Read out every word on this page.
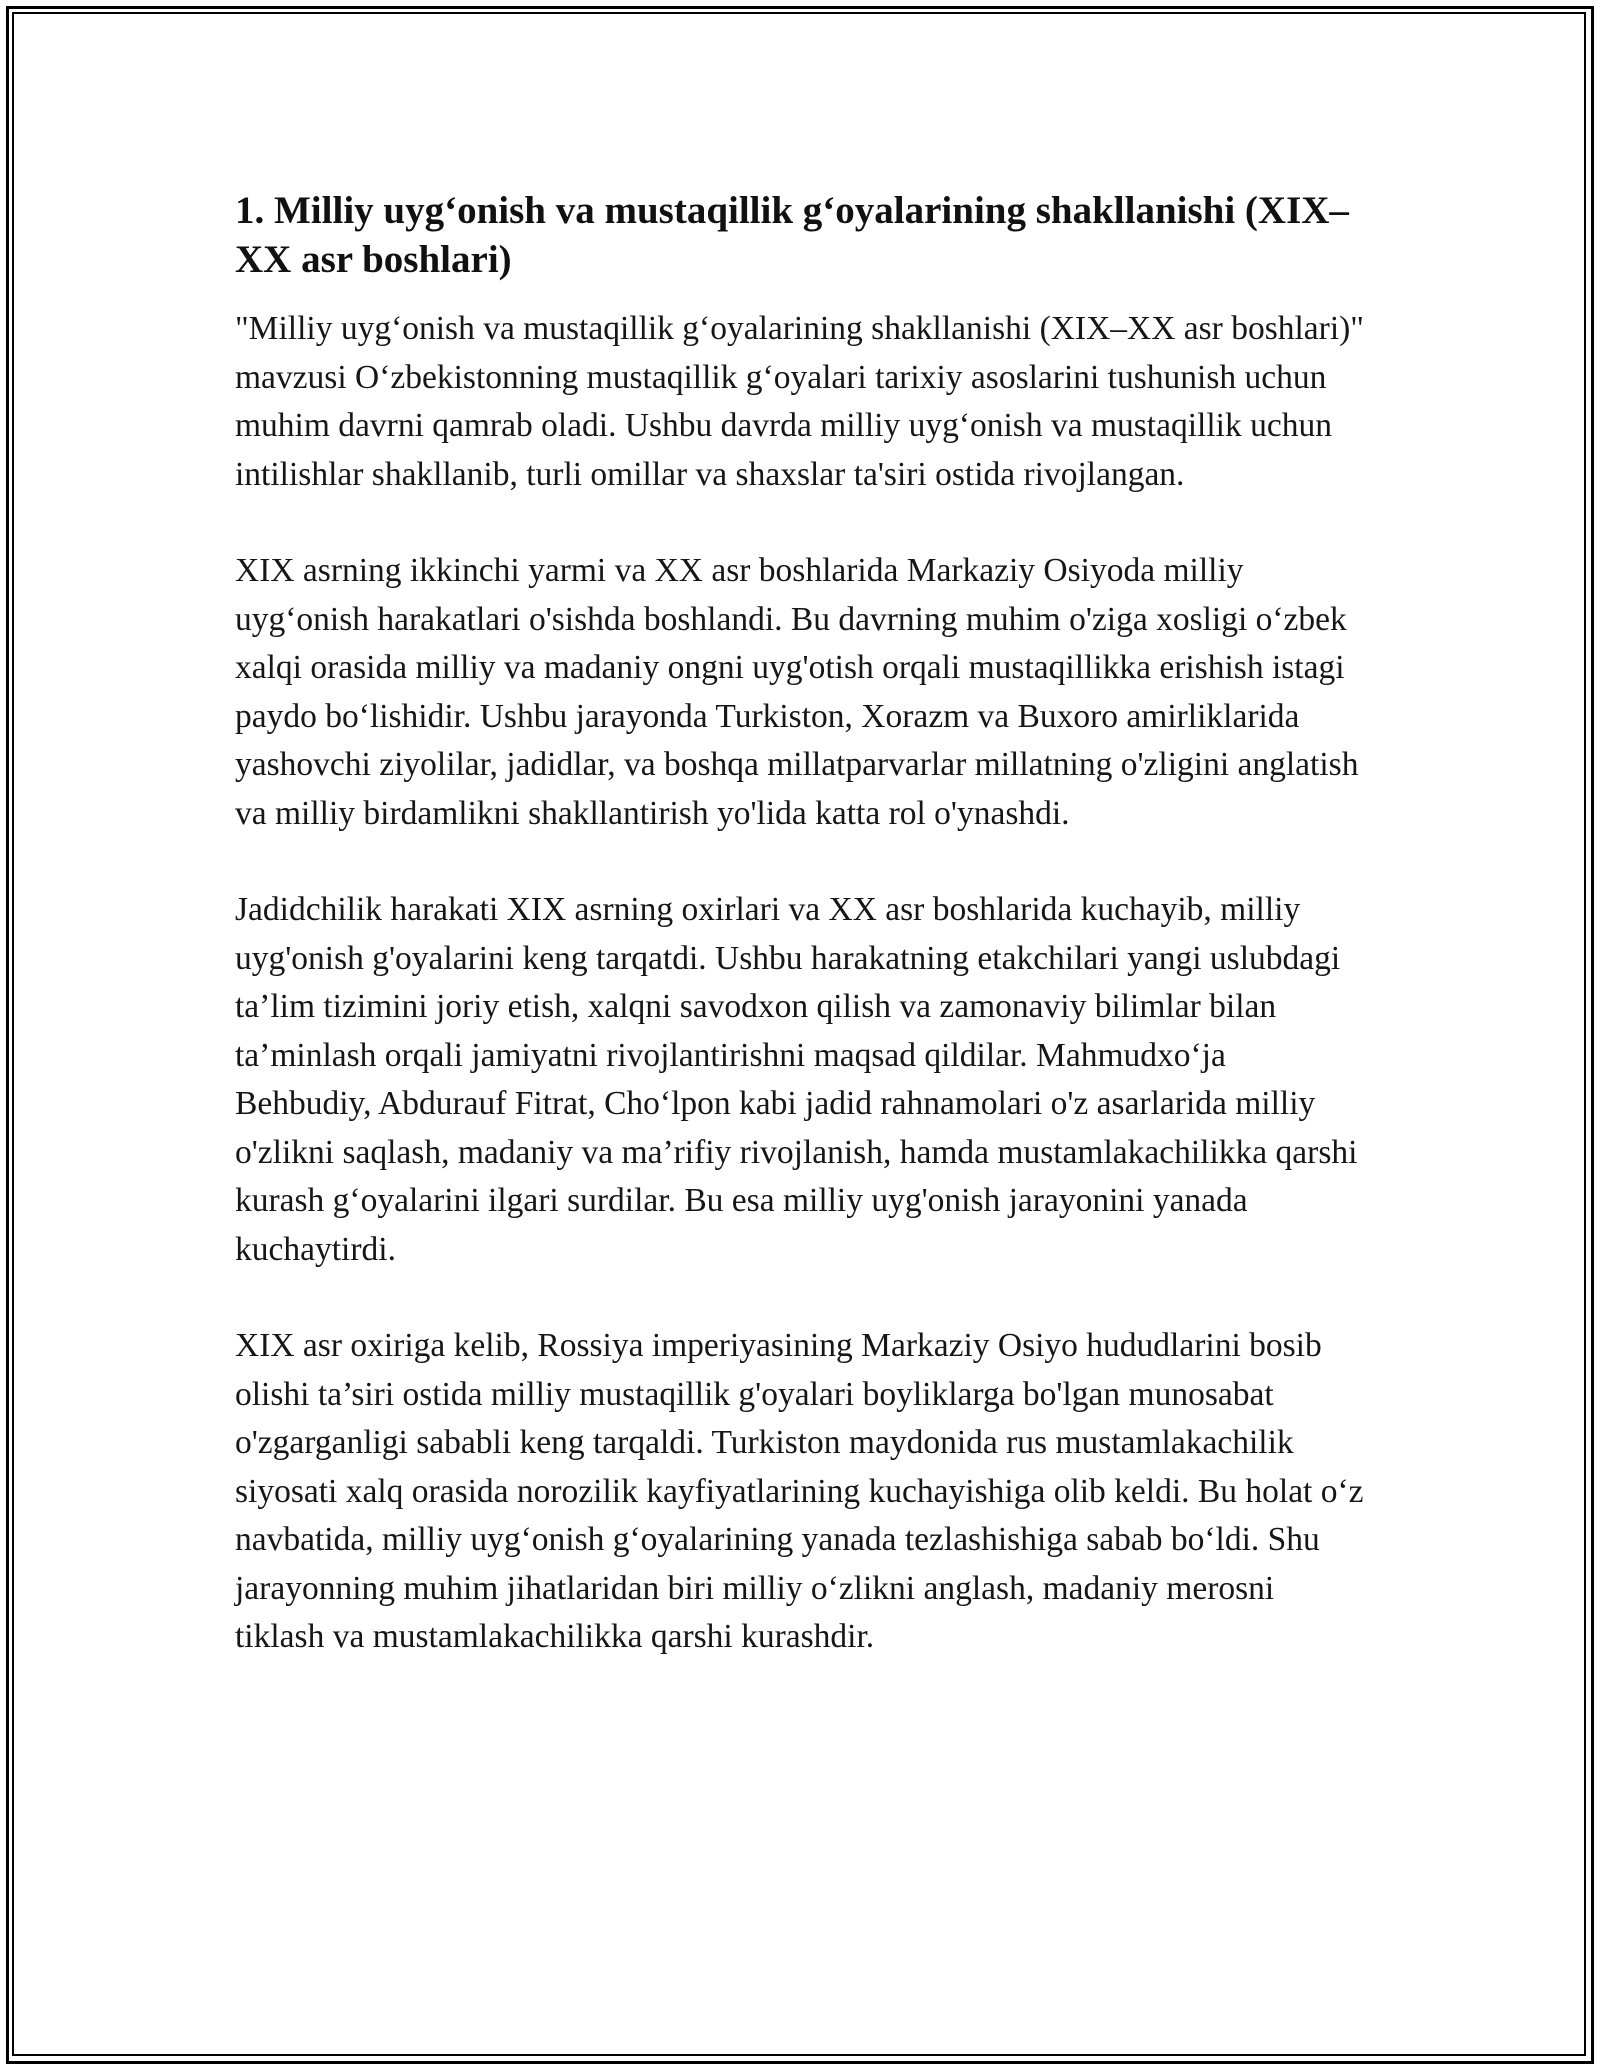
1. Milliy uyg‘onish va mustaqillik g‘oyalarining shakllanishi (XIX–XX asr boshlari)

"Milliy uyg‘onish va mustaqillik g‘oyalarining shakllanishi (XIX–XX asr boshlari)" mavzusi O‘zbekistonning mustaqillik g‘oyalari tarixiy asoslarini tushunish uchun muhim davrni qamrab oladi. Ushbu davrda milliy uyg‘onish va mustaqillik uchun intilishlar shakllanib, turli omillar va shaxslar ta'siri ostida rivojlangan.

XIX asrning ikkinchi yarmi va XX asr boshlarida Markaziy Osiyoda milliy uyg‘onish harakatlari o'sishda boshlandi. Bu davrning muhim o'ziga xosligi o‘zbek xalqi orasida milliy va madaniy ongni uyg'otish orqali mustaqillikka erishish istagi paydo bo‘lishidir. Ushbu jarayonda Turkiston, Xorazm va Buxoro amirliklarida yashovchi ziyolilar, jadidlar, va boshqa millatparvarlar millatning o'zligini anglatish va milliy birdamlikni shakllantirish yo'lida katta rol o'ynashdi.

Jadidchilik harakati XIX asrning oxirlari va XX asr boshlarida kuchayib, milliy uyg'onish g'oyalarini keng tarqatdi. Ushbu harakatning etakchilari yangi uslubdagi ta’lim tizimini joriy etish, xalqni savodxon qilish va zamonaviy bilimlar bilan ta’minlash orqali jamiyatni rivojlantirishni maqsad qildilar. Mahmudxo‘ja Behbudiy, Abdurauf Fitrat, Cho‘lpon kabi jadid rahnamolari o'z asarlarida milliy o'zlikni saqlash, madaniy va ma’rifiy rivojlanish, hamda mustamlakachilikka qarshi kurash g‘oyalarini ilgari surdilar. Bu esa milliy uyg'onish jarayonini yanada kuchaytirdi.

XIX asr oxiriga kelib, Rossiya imperiyasining Markaziy Osiyo hududlarini bosib olishi ta’siri ostida milliy mustaqillik g'oyalari boyliklarga bo'lgan munosabat o'zgarganligi sababli keng tarqaldi. Turkiston maydonida rus mustamlakachilik siyosati xalq orasida norozilik kayfiyatlarining kuchayishiga olib keldi. Bu holat o‘z navbatida, milliy uyg‘onish g‘oyalarining yanada tezlashishiga sabab bo‘ldi. Shu jarayonning muhim jihatlaridan biri milliy o‘zlikni anglash, madaniy merosni tiklash va mustamlakachilikka qarshi kurashdir.
